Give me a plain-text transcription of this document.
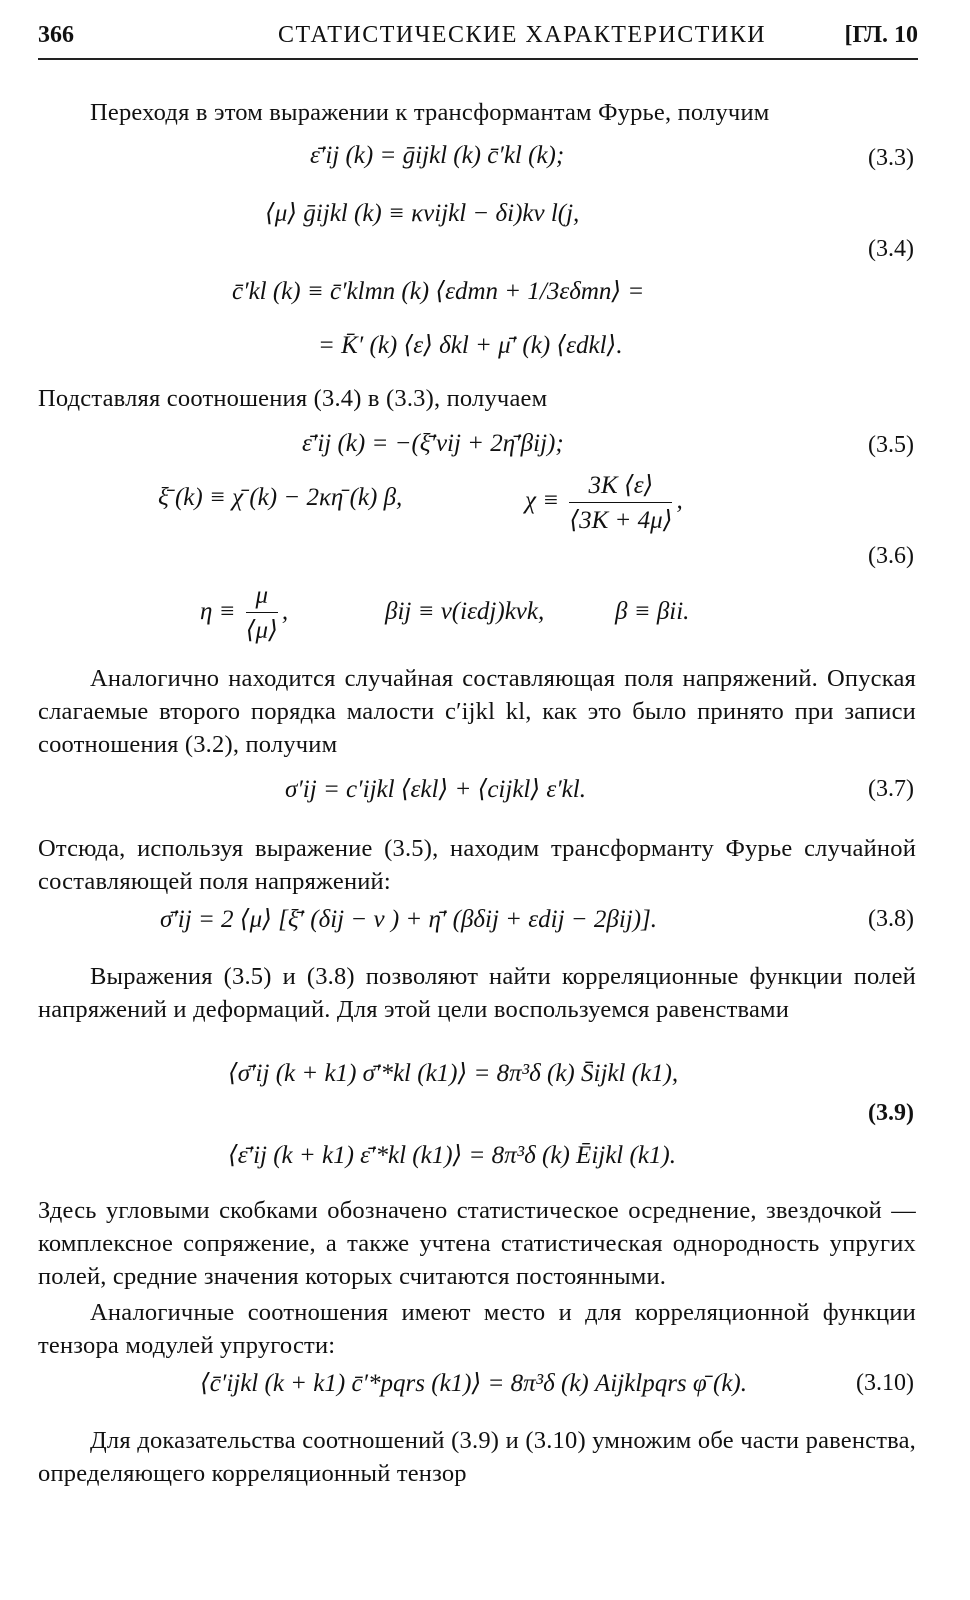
366	СТАТИСТИЧЕСКИЕ ХАРАКТЕРИСТИКИ	[ГЛ. 10
Переходя в этом выражении к трансформантам Фурье, получим
ε̄′ij (k) = ḡijkl (k) c̄′kl (k);	(3.3)
⟨μ⟩ ḡijkl (k) ≡ κνijkl − δi)kν l(j,
(3.4)
c̄′kl (k) ≡ c̄′klmn (k) ⟨εdmn + 1/3εδmn⟩ =
= K̄′ (k) ⟨ε⟩ δkl + μ̄′ (k) ⟨εdkl⟩.
Подставляя соотношения (3.4) в (3.3), получаем
ε̄′ij (k) = −(ξ̄′νij + 2η̄′βij);	(3.5)
ξ̄ (k) ≡ χ̄ (k) − 2κη̄ (k) β,	$\chi \equiv \frac{3K ⟨\varepsilon⟩}{⟨3K + 4\mu⟩}$ ,
(3.6)
$\eta \equiv \frac{\mu}{⟨\mu⟩}$ ,	βij ≡ ν(iεdj)kνk,	β ≡ βii.
Аналогично находится случайная составляющая поля напряжений. Опуская слагаемые второго порядка малости c′ijkl kl, как это было принято при записи соотношения (3.2), получим
σ′ij = c′ijkl ⟨εkl⟩ + ⟨cijkl⟩ ε′kl.	(3.7)
Отсюда, используя выражение (3.5), находим трансформанту Фурье случайной составляющей поля напряжений:
σ̄′ij = 2 ⟨μ⟩ [ξ̄′ (δij − ν ) + η̄′ (βδij + εdij − 2βij)].	(3.8)
Выражения (3.5) и (3.8) позволяют найти корреляционные функции полей напряжений и деформаций. Для этой цели воспользуемся равенствами
⟨σ̄′ij (k + k1) σ̄′*kl (k1)⟩ = 8π³δ (k) S̄ijkl (k1),
(3.9)
⟨ε̄′ij (k + k1) ε̄′*kl (k1)⟩ = 8π³δ (k) Ēijkl (k1).
Здесь угловыми скобками обозначено статистическое осреднение, звездочкой — комплексное сопряжение, а также учтена статистическая однородность упругих полей, средние значения которых считаются постоянными.
Аналогичные соотношения имеют место и для корреляционной функции тензора модулей упругости:
⟨c̄′ijkl (k + k1) c̄′*pqrs (k1)⟩ = 8π³δ (k) Aijklpqrs φ̄ (k).	(3.10)
Для доказательства соотношений (3.9) и (3.10) умножим обе части равенства, определяющего корреляционный тензор
